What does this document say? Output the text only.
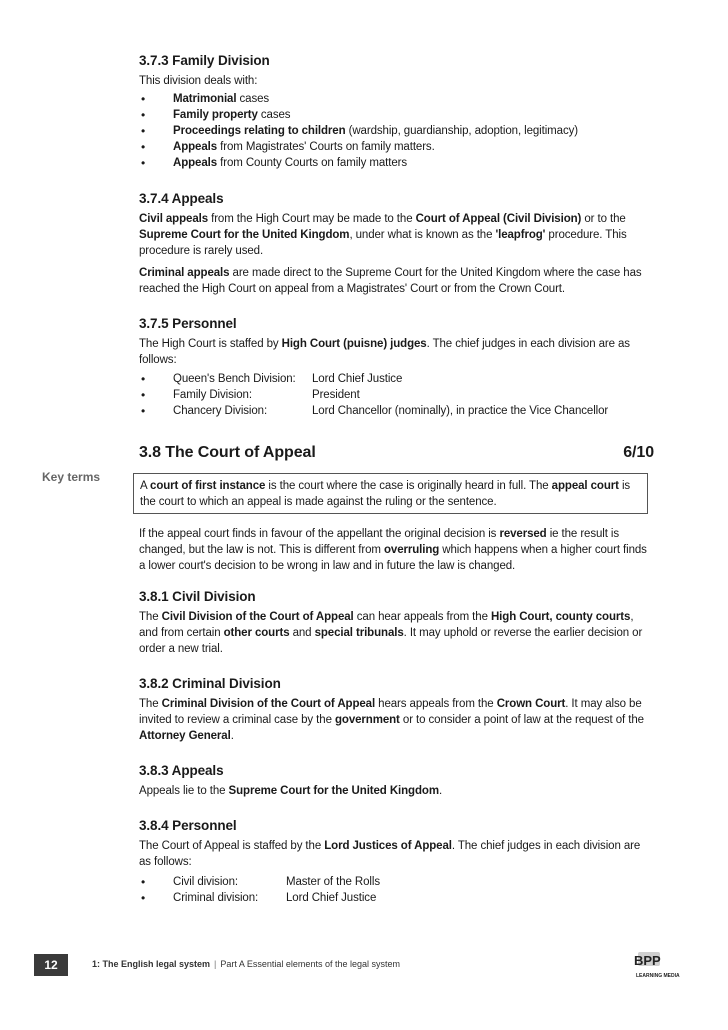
3.7.3 Family Division

This division deals with:

• Matrimonial cases
• Family property cases
• Proceedings relating to children (wardship, guardianship, adoption, legitimacy)
• Appeals from Magistrates' Courts on family matters.
• Appeals from County Courts on family matters
3.7.4 Appeals

Civil appeals from the High Court may be made to the Court of Appeal (Civil Division) or to the Supreme Court for the United Kingdom, under what is known as the 'leapfrog' procedure. This procedure is rarely used.

Criminal appeals are made direct to the Supreme Court for the United Kingdom where the case has reached the High Court on appeal from a Magistrates' Court or from the Crown Court.

3.7.5 Personnel

The High Court is staffed by High Court (puisne) judges. The chief judges in each division are as follows:

• Queen's Bench Division: Lord Chief Justice
• Family Division:	President
• Chancery Division:	Lord Chancellor (nominally), in practice the Vice Chancellor
3.8 The Court of Appeal	6/10
A court of first instance is the court where the case is originally heard in full. The appeal court is the court to which an appeal is made against the ruling or the sentence.

If the appeal court finds in favour of the appellant the original decision is reversed ie the result is changed, but the law is not. This is different from overruling which happens when a higher court finds a lower court's decision to be wrong in law and in future the law is changed.

3.8.1 Civil Division

The Civil Division of the Court of Appeal can hear appeals from the High Court, county courts, and from certain other courts and special tribunals. It may uphold or reverse the earlier decision or order a new trial.

3.8.2 Criminal Division

The Criminal Division of the Court of Appeal hears appeals from the Crown Court. It may also be invited to review a criminal case by the government or to consider a point of law at the request of the Attorney General.

3.8.3 Appeals

Appeals lie to the Supreme Court for the United Kingdom.

3.8.4 Personnel

The Court of Appeal is staffed by the Lord Justices of Appeal. The chief judges in each division are as follows:

• Civil division:	Master of the Rolls
• Criminal division: Lord Chief Justice
Key terms
12	1: The English legal system | Part A Essential elements of the legal system	BPP
LEARNING MEDIA
